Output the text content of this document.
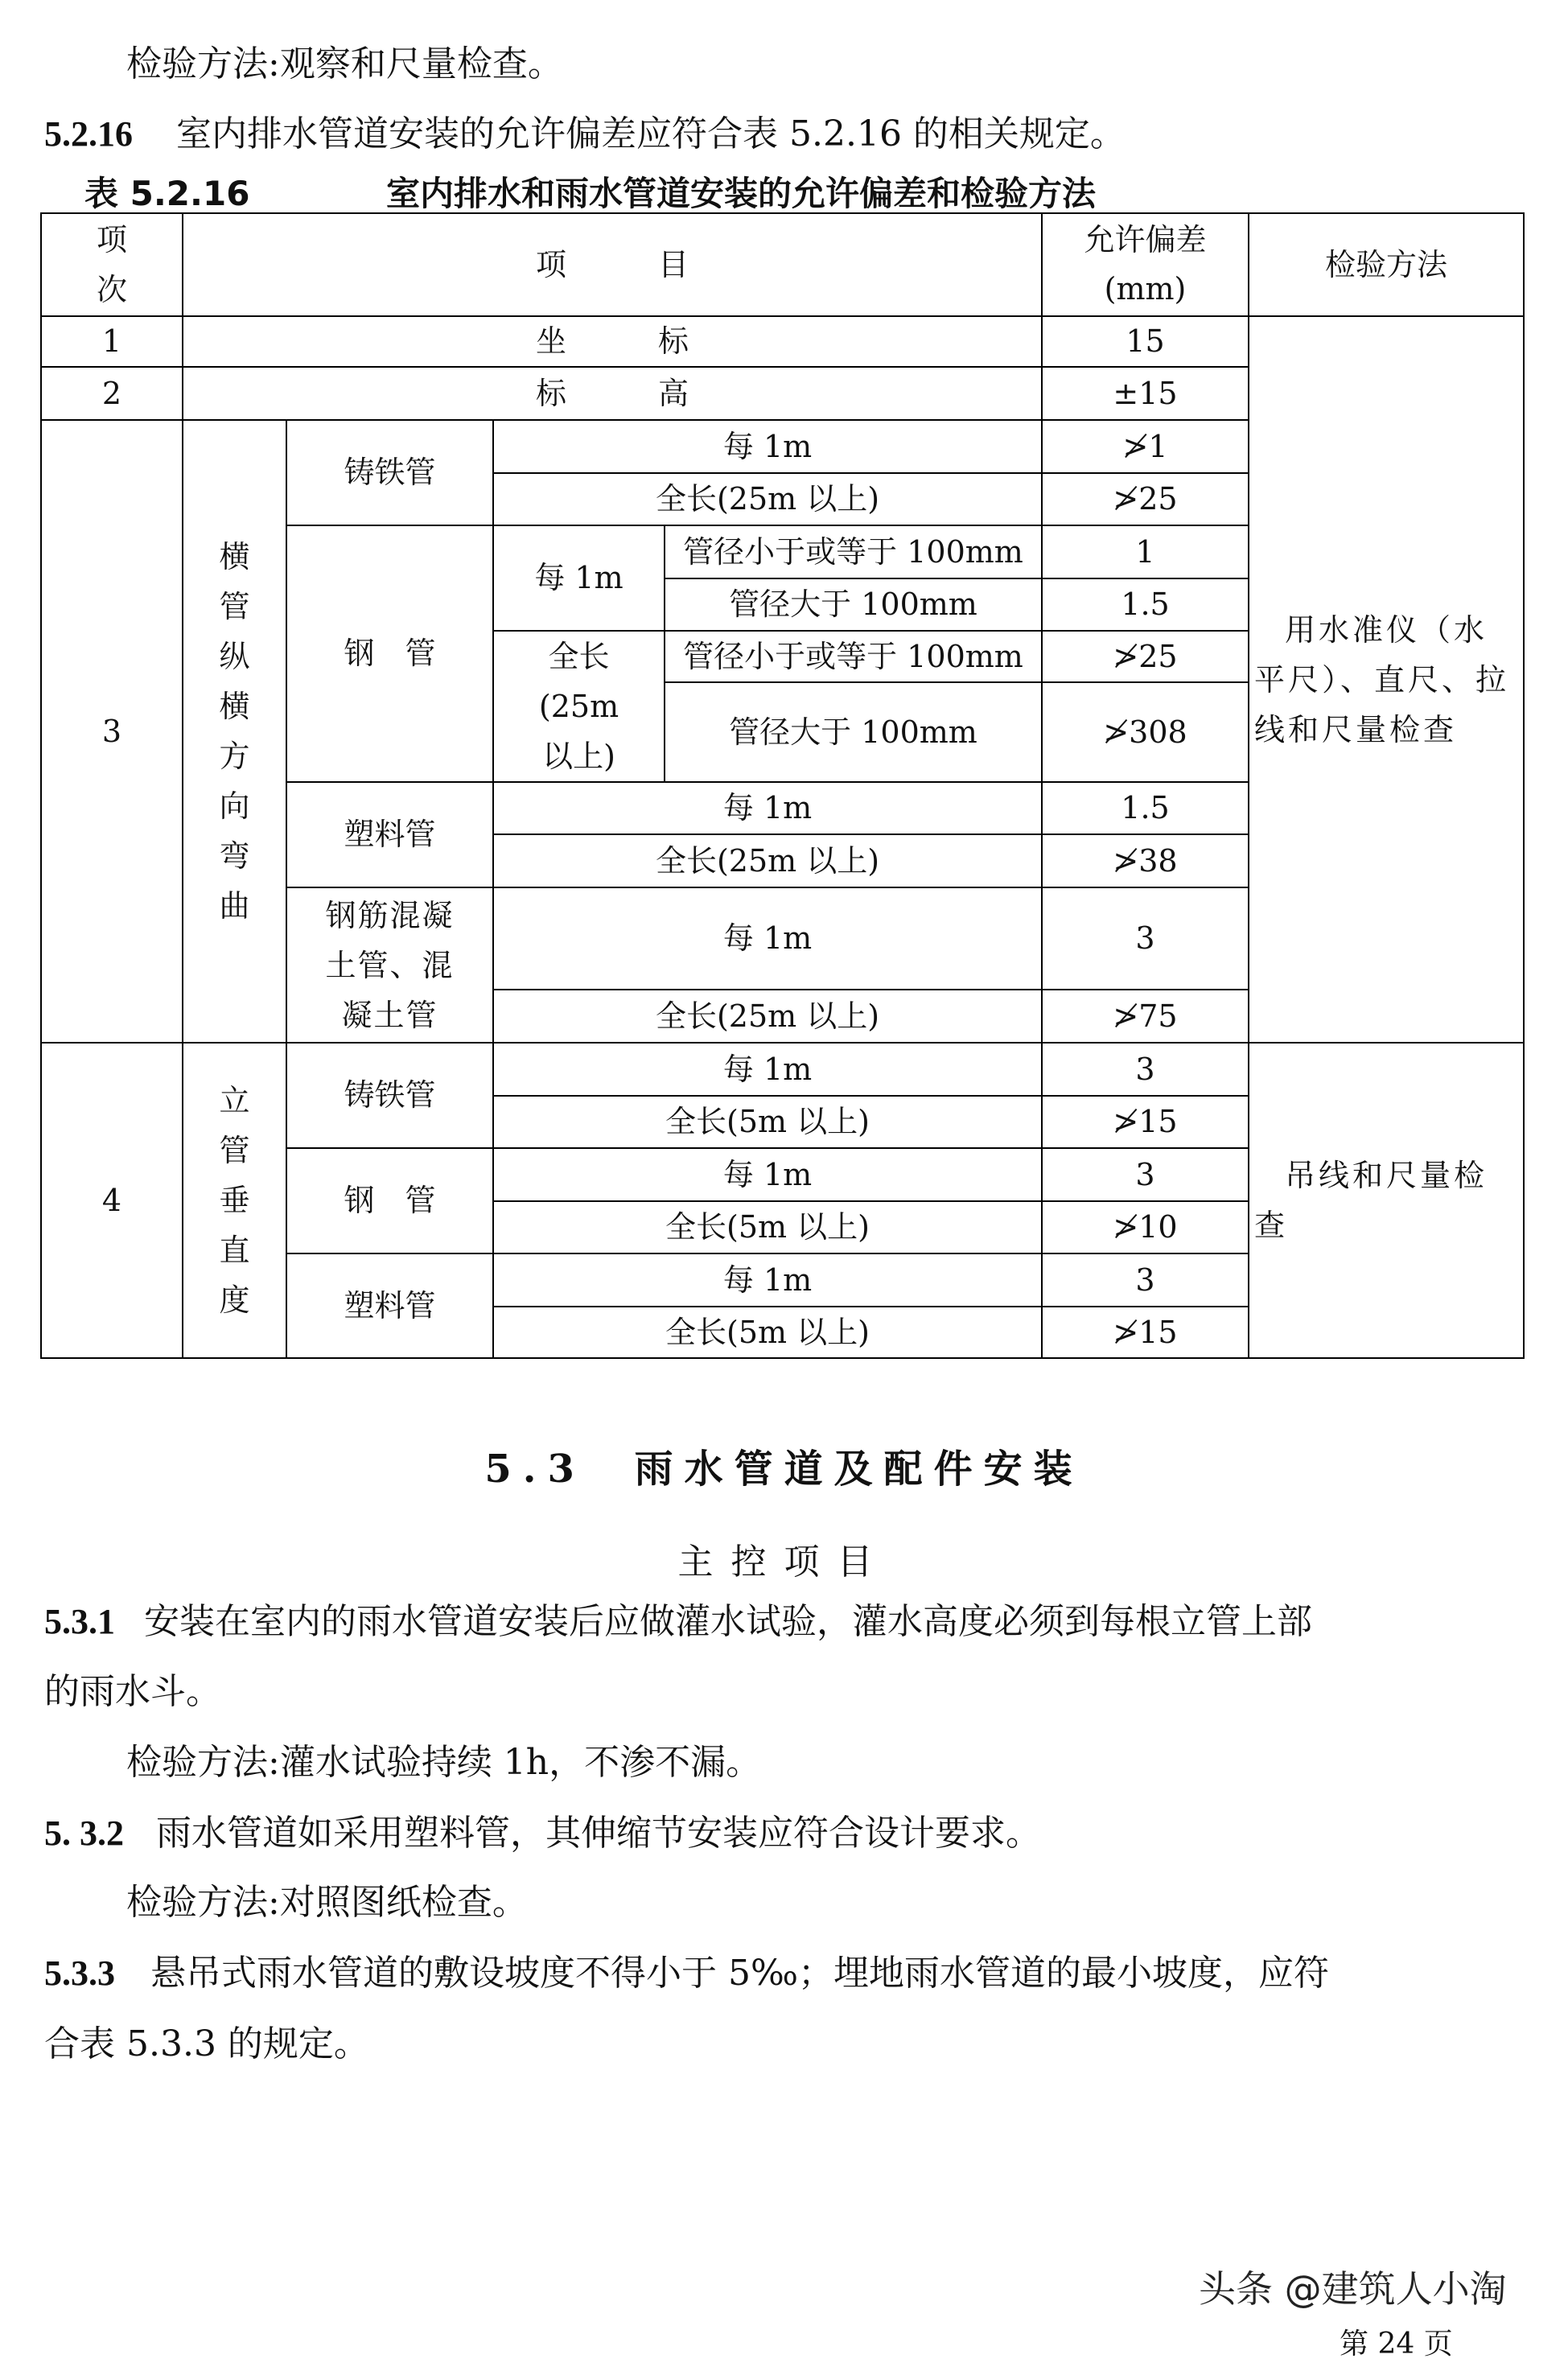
检验方法:观察和尺量检查。
5.2.16 室内排水管道安装的允许偏差应符合表 5.2.16 的相关规定。
表 5.2.16	室内排水和雨水管道安装的允许偏差和检验方法
项次	项　　　目				允许偏差(mm)	检验方法
1	坐　　　标				15	用水准仪（水平尺）、直尺、拉线和尺量检查
2	标　　　高				±15	
3	横管纵横方向弯曲	铸铁管	每 1m		≯1	
			全长(25m 以上)		≯25	
		钢　管	每 1m	管径小于或等于 100mm	1	
				管径大于 100mm	1.5	
			全长(25m 以上)	管径小于或等于 100mm	≯25	
				管径大于 100mm	≯308	
		塑料管	每 1m		1.5	
			全长(25m 以上)		≯38	
		钢筋混凝土管、混凝土管	每 1m		3	
			全长(25m 以上)		≯75	
4	立管垂直度	铸铁管	每 1m		3	吊线和尺量检查
			全长(5m 以上)		≯15	
		钢　管	每 1m		3	
			全长(5m 以上)		≯10	
		塑料管	每 1m		3	
			全长(5m 以上)		≯15	
5.3 雨水管道及配件安装
主控项目
5.3.1 安装在室内的雨水管道安装后应做灌水试验，灌水高度必须到每根立管上部
的雨水斗。
检验方法:灌水试验持续 1h，不渗不漏。
5. 3.2 雨水管道如采用塑料管，其伸缩节安装应符合设计要求。
检验方法:对照图纸检查。
5.3.3 悬吊式雨水管道的敷设坡度不得小于 5‰；埋地雨水管道的最小坡度，应符
合表 5.3.3 的规定。
头条 @建筑人小淘
第 24 页
